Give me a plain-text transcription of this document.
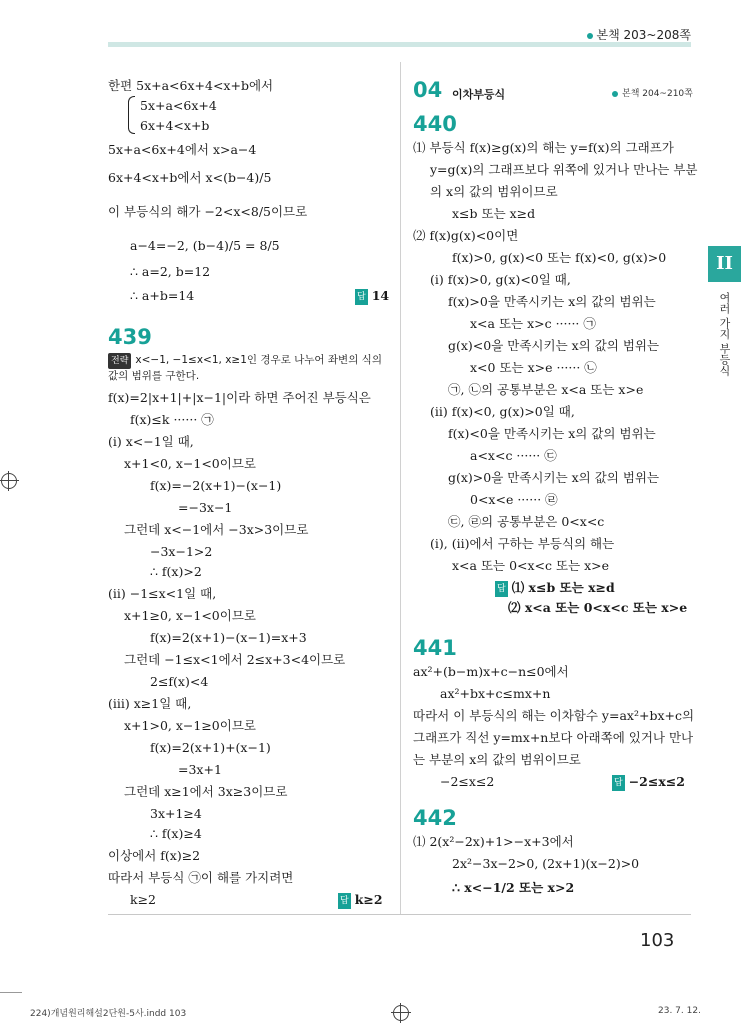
본책 203~208쪽
II
여러 가지 부등식
한편 5x+a<6x+4<x+b에서
5x+a<6x+4
6x+4<x+b
5x+a<6x+4에서 x>a−4
6x+4<x+b에서 x<(b−4)/5
이 부등식의 해가 −2<x<8/5이므로
a−4=−2, (b−4)/5 = 8/5
∴ a=2, b=12
∴ a+b=14	답 14
439
전략 x<−1, −1≤x<1, x≥1인 경우로 나누어 좌변의 식의
값의 범위를 구한다.
f(x)=2|x+1|+|x−1|이라 하면 주어진 부등식은
f(x)≤k ······ ㉠
(ⅰ) x<−1일 때,
x+1<0, x−1<0이므로
f(x)=−2(x+1)−(x−1)
=−3x−1
그런데 x<−1에서 −3x>3이므로
−3x−1>2
∴ f(x)>2
(ⅱ) −1≤x<1일 때,
x+1≥0, x−1<0이므로
f(x)=2(x+1)−(x−1)=x+3
그런데 −1≤x<1에서 2≤x+3<4이므로
2≤f(x)<4
(ⅲ) x≥1일 때,
x+1>0, x−1≥0이므로
f(x)=2(x+1)+(x−1)
=3x+1
그런데 x≥1에서 3x≥3이므로
3x+1≥4
∴ f(x)≥4
이상에서 f(x)≥2
따라서 부등식 ㉠이 해를 가지려면
k≥2	답 k≥2
04 이차부등식	본책 204~210쪽
440
⑴ 부등식 f(x)≥g(x)의 해는 y=f(x)의 그래프가
y=g(x)의 그래프보다 위쪽에 있거나 만나는 부분
의 x의 값의 범위이므로
x≤b 또는 x≥d
⑵ f(x)g(x)<0이면
f(x)>0, g(x)<0 또는 f(x)<0, g(x)>0
(ⅰ) f(x)>0, g(x)<0일 때,
f(x)>0을 만족시키는 x의 값의 범위는
x<a 또는 x>c ······ ㉠
g(x)<0을 만족시키는 x의 값의 범위는
x<0 또는 x>e ······ ㉡
㉠, ㉡의 공통부분은 x<a 또는 x>e
(ⅱ) f(x)<0, g(x)>0일 때,
f(x)<0을 만족시키는 x의 값의 범위는
a<x<c ······ ㉢
g(x)>0을 만족시키는 x의 값의 범위는
0<x<e ······ ㉣
㉢, ㉣의 공통부분은 0<x<c
(ⅰ), (ⅱ)에서 구하는 부등식의 해는
x<a 또는 0<x<c 또는 x>e
답 ⑴ x≤b 또는 x≥d
⑵ x<a 또는 0<x<c 또는 x>e
441
ax²+(b−m)x+c−n≤0에서
ax²+bx+c≤mx+n
따라서 이 부등식의 해는 이차함수 y=ax²+bx+c의
그래프가 직선 y=mx+n보다 아래쪽에 있거나 만나
는 부분의 x의 값의 범위이므로
−2≤x≤2	답 −2≤x≤2
442
⑴ 2(x²−2x)+1>−x+3에서
2x²−3x−2>0, (2x+1)(x−2)>0
∴ x<−1/2 또는 x>2
103
224)개념원리해설2단원-5사.indd 103	23. 7. 12.
